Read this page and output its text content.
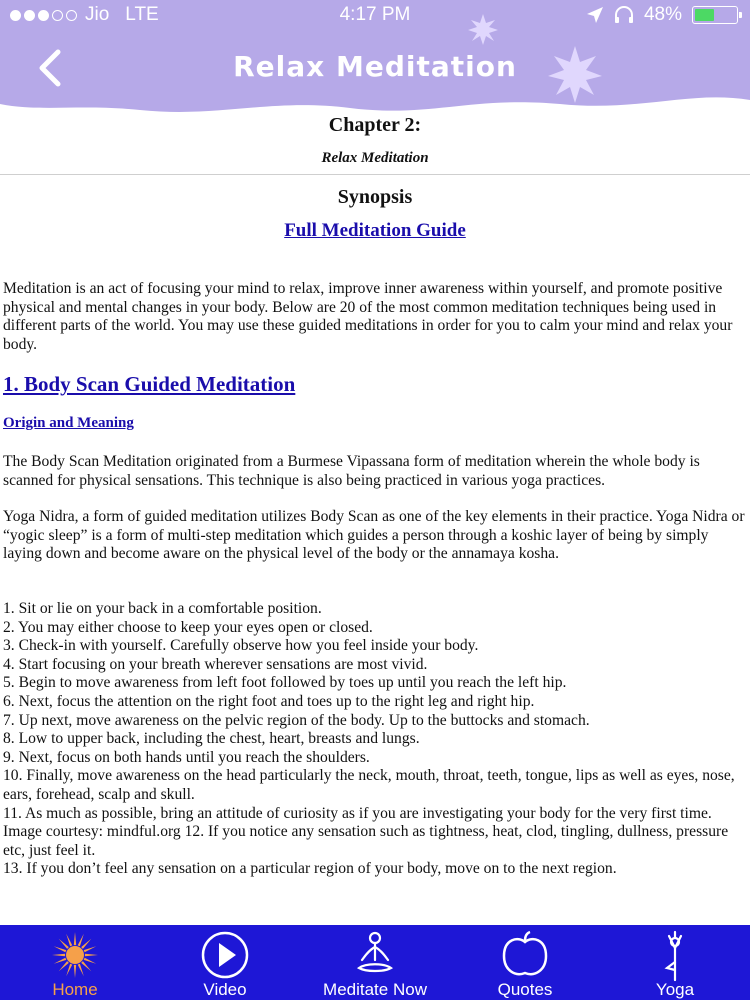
Jio LTE	4:17 PM	48%
Relax Meditation
Chapter 2:
Relax Meditation
Synopsis
Full Meditation Guide
Meditation is an act of focusing your mind to relax, improve inner awareness within yourself, and promote positive physical and mental changes in your body. Below are 20 of the most common meditation techniques being used in different parts of the world. You may use these guided meditations in order for you to calm your mind and relax your body.
1. Body Scan Guided Meditation
Origin and Meaning
The Body Scan Meditation originated from a Burmese Vipassana form of meditation wherein the whole body is scanned for physical sensations. This technique is also being practiced in various yoga practices.
Yoga Nidra, a form of guided meditation utilizes Body Scan as one of the key elements in their practice. Yoga Nidra or “yogic sleep” is a form of multi-step meditation which guides a person through a koshic layer of being by simply laying down and become aware on the physical level of the body or the annamaya kosha.
1. Sit or lie on your back in a comfortable position.
2. You may either choose to keep your eyes open or closed.
3. Check-in with yourself. Carefully observe how you feel inside your body.
4. Start focusing on your breath wherever sensations are most vivid.
5. Begin to move awareness from left foot followed by toes up until you reach the left hip.
6. Next, focus the attention on the right foot and toes up to the right leg and right hip.
7. Up next, move awareness on the pelvic region of the body. Up to the buttocks and stomach.
8. Low to upper back, including the chest, heart, breasts and lungs.
9. Next, focus on both hands until you reach the shoulders.
10. Finally, move awareness on the head particularly the neck, mouth, throat, teeth, tongue, lips as well as eyes, nose, ears, forehead, scalp and skull.
11. As much as possible, bring an attitude of curiosity as if you are investigating your body for the very first time.
Image courtesy: mindful.org 12. If you notice any sensation such as tightness, heat, clod, tingling, dullness, pressure etc, just feel it.
13. If you don’t feel any sensation on a particular region of your body, move on to the next region.
Home	Video	Meditate Now	Quotes	Yoga
